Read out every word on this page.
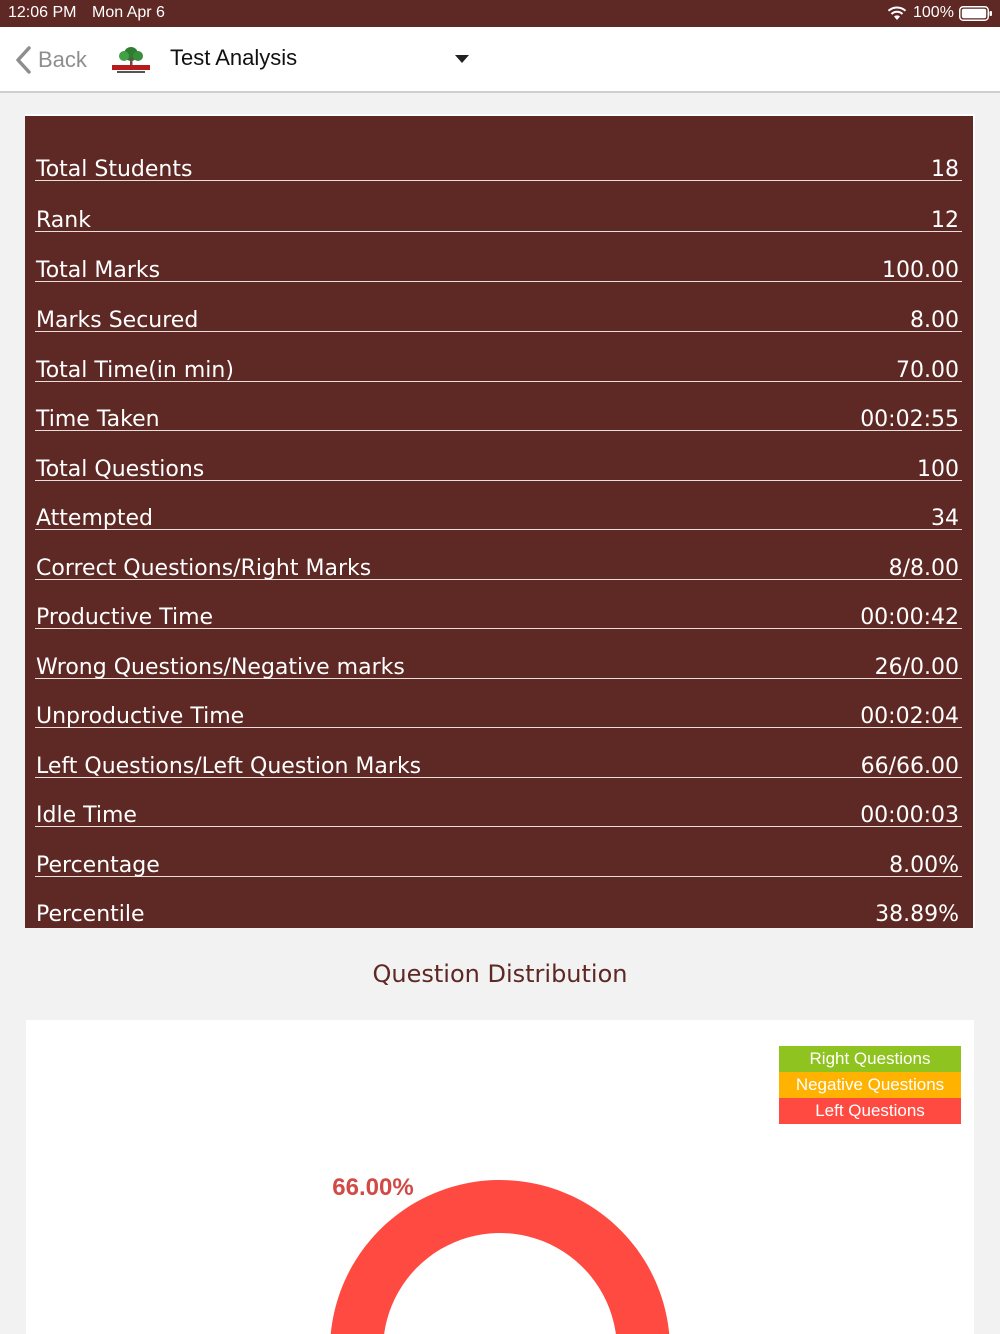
12:06 PM Mon Apr 6	100%
Back	Test Analysis
Total Students	18
Rank	12
Total Marks	100.00
Marks Secured	8.00
Total Time(in min)	70.00
Time Taken	00:02:55
Total Questions	100
Attempted	34
Correct Questions/Right Marks	8/8.00
Productive Time	00:00:42
Wrong Questions/Negative marks	26/0.00
Unproductive Time	00:02:04
Left Questions/Left Question Marks	66/66.00
Idle Time	00:00:03
Percentage	8.00%
Percentile	38.89%
Question Distribution
66.00%
Right Questions
Negative Questions
Left Questions
